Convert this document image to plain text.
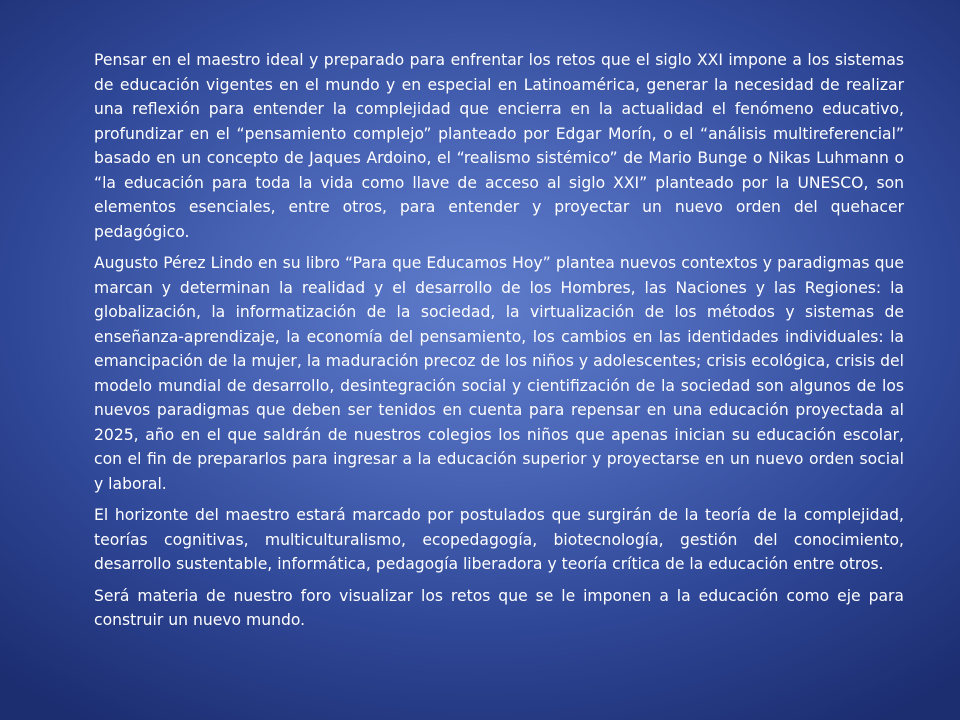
Pensar en el maestro ideal y preparado para enfrentar los retos que el siglo XXI impone a los sistemas de educación vigentes en el mundo y en especial en Latinoamérica, generar la necesidad de realizar una reflexión para entender la complejidad que encierra en la actualidad el fenómeno educativo, profundizar en el “pensamiento complejo” planteado por Edgar Morín, o el “análisis multireferencial” basado en un concepto de Jaques Ardoino, el “realismo sistémico” de Mario Bunge o Nikas Luhmann o “la educación para toda la vida como llave de acceso al siglo XXI” planteado por la UNESCO, son elementos esenciales, entre otros, para entender y proyectar un nuevo orden del quehacer pedagógico.

Augusto Pérez Lindo en su libro “Para que Educamos Hoy” plantea nuevos contextos y paradigmas que marcan y determinan la realidad y el desarrollo de los Hombres, las Naciones y las Regiones: la globalización, la informatización de la sociedad, la virtualización de los métodos y sistemas de enseñanza-aprendizaje, la economía del pensamiento, los cambios en las identidades individuales: la emancipación de la mujer, la maduración precoz de los niños y adolescentes; crisis ecológica, crisis del modelo mundial de desarrollo, desintegración social y cientifización de la sociedad son algunos de los nuevos paradigmas que deben ser tenidos en cuenta para repensar en una educación proyectada al 2025, año en el que saldrán de nuestros colegios los niños que apenas inician su educación escolar, con el fin de prepararlos para ingresar a la educación superior y proyectarse en un nuevo orden social y laboral.

El horizonte del maestro estará marcado por postulados que surgirán de la teoría de la complejidad, teorías cognitivas, multiculturalismo, ecopedagogía, biotecnología, gestión del conocimiento, desarrollo sustentable, informática, pedagogía liberadora y teoría crítica de la educación entre otros.

Será materia de nuestro foro visualizar los retos que se le imponen a la educación como eje para construir un nuevo mundo.
